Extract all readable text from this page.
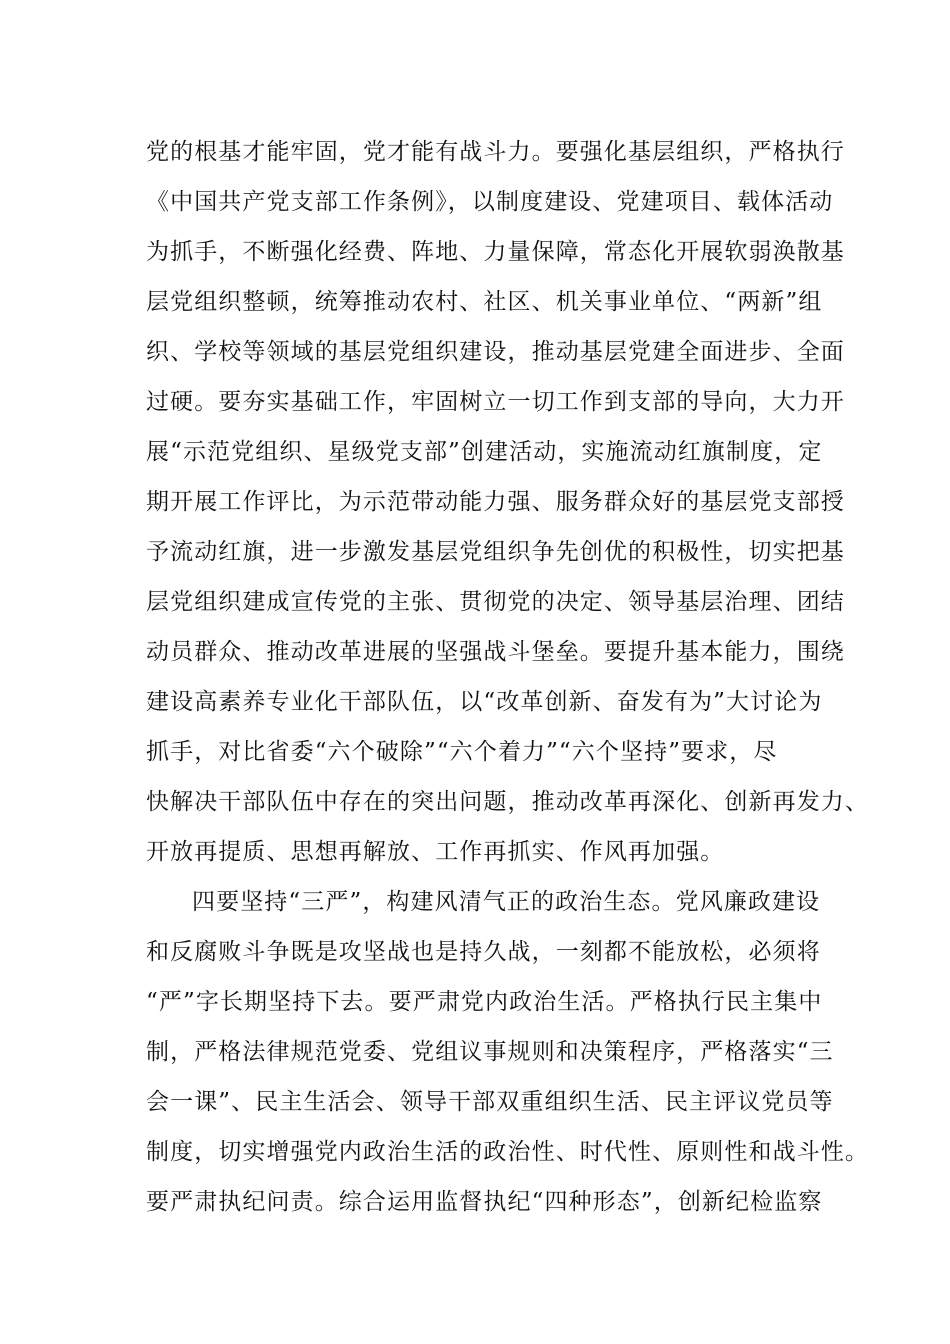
党的根基才能牢固，党才能有战斗力。要强化基层组织，严格执行
《中国共产党支部工作条例》，以制度建设、党建项目、载体活动
为抓手，不断强化经费、阵地、力量保障，常态化开展软弱涣散基
层党组织整顿，统筹推动农村、社区、机关事业单位、“两新”组
织、学校等领域的基层党组织建设，推动基层党建全面进步、全面
过硬。要夯实基础工作，牢固树立一切工作到支部的导向，大力开
展“示范党组织、星级党支部”创建活动，实施流动红旗制度，定
期开展工作评比，为示范带动能力强、服务群众好的基层党支部授
予流动红旗，进一步激发基层党组织争先创优的积极性，切实把基
层党组织建成宣传党的主张、贯彻党的决定、领导基层治理、团结
动员群众、推动改革进展的坚强战斗堡垒。要提升基本能力，围绕
建设高素养专业化干部队伍，以“改革创新、奋发有为”大讨论为
抓手，对比省委“六个破除”“六个着力”“六个坚持”要求，尽
快解决干部队伍中存在的突出问题，推动改革再深化、创新再发力、
开放再提质、思想再解放、工作再抓实、作风再加强。
四要坚持“三严”，构建风清气正的政治生态。党风廉政建设
和反腐败斗争既是攻坚战也是持久战，一刻都不能放松，必须将
“严”字长期坚持下去。要严肃党内政治生活。严格执行民主集中
制，严格法律规范党委、党组议事规则和决策程序，严格落实“三
会一课”、民主生活会、领导干部双重组织生活、民主评议党员等
制度，切实增强党内政治生活的政治性、时代性、原则性和战斗性。
要严肃执纪问责。综合运用监督执纪“四种形态”，创新纪检监察
